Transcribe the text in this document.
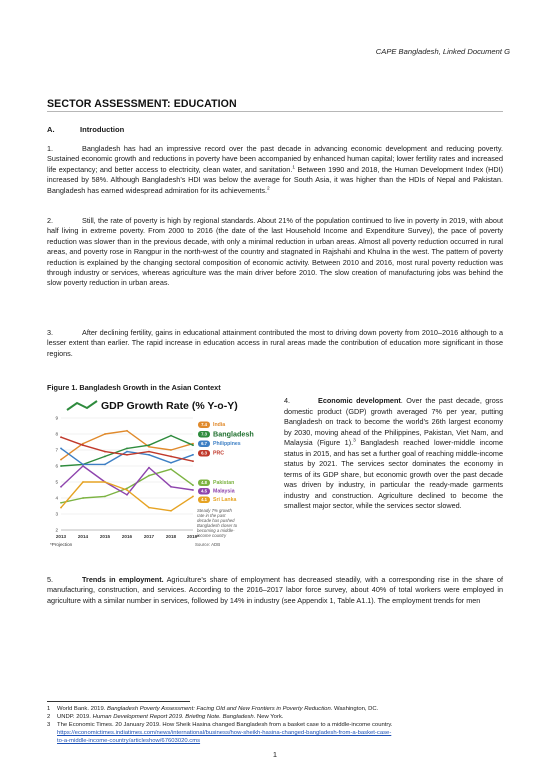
CAPE Bangladesh, Linked Document G
SECTOR ASSESSMENT: EDUCATION
A.	Introduction
1.	Bangladesh has had an impressive record over the past decade in advancing economic development and reducing poverty. Sustained economic growth and reductions in poverty have been accompanied by enhanced human capital; lower fertility rates and increased life expectancy; and better access to electricity, clean water, and sanitation.$^1$ Between 1990 and 2018, the Human Development Index (HDI) increased by 58%. Although Bangladesh’s HDI was below the average for South Asia, it was higher than the HDIs of Nepal and Pakistan. Bangladesh has earned widespread admiration for its achievements.$^2$
2.	Still, the rate of poverty is high by regional standards. About 21% of the population continued to live in poverty in 2019, with about half living in extreme poverty. From 2000 to 2016 (the date of the last Household Income and Expenditure Survey), the pace of poverty reduction was slower than in the previous decade, with only a minimal reduction in urban areas. Almost all poverty reduction occurred in rural areas, and poverty rose in Rangpur in the north-west of the country and stagnated in Rajshahi and Khulna in the west. The pattern of poverty reduction is explained by the changing sectoral composition of economic activity. Between 2010 and 2016, most rural poverty reduction was through industry or services, whereas agriculture was the main driver before 2010. The slow creation of manufacturing jobs was behind the slow poverty reduction in urban areas.
3.	After declining fertility, gains in educational attainment contributed the most to driving down poverty from 2010–2016 although to a lesser extent than earlier. The rapid increase in education access in rural areas made the contribution of education more significant in those regions.
Figure 1. Bangladesh Growth in the Asian Context
GDP Growth Rate (% Y-o-Y)
2
3
4
5
6
7
8
9
2013	2014	2015	2016	2017	2018 2019*
7.4 India
7.3 Bangladesh
6.7 Philippines
6.3 PRC
4.8 Pakistan
4.5 Malaysia
4.1 Sri Lanka
Steady 7% growth
rate in the past
decade has pushed
Bangladesh closer to
becoming a middle-
income country
*Projection	Source: ADB
4.	Economic development. Over the past decade, gross domestic product (GDP) growth averaged 7% per year, putting Bangladesh on track to become the world’s 26th largest economy by 2030, moving ahead of the Philippines, Pakistan, Viet Nam, and Malaysia (Figure 1).$^3$ Bangladesh reached lower-middle income status in 2015, and has set a further goal of reaching middle-income status by 2021. The services sector dominates the economy in terms of its GDP share, but economic growth over the past decade was driven by industry, in particular the ready-made garments industry and construction. Agriculture declined to become the smallest major sector, while the services sector slowed.
5.	Trends in employment. Agriculture’s share of employment has decreased steadily, with a corresponding rise in the share of manufacturing, construction, and services. According to the 2016–2017 labor force survey, about 40% of total workers were employed in agriculture with a similar number in services, followed by 14% in industry (see Appendix 1, Table A1.1). The employment trends for men
1 World Bank. 2019. Bangladesh Poverty Assessment: Facing Old and New Frontiers in Poverty Reduction. Washington, DC.
2 UNDP. 2019. Human Development Report 2019. Briefing Note. Bangladesh. New York.
3 The Economic Times. 20 January 2019. How Sheik Hasina changed Bangladesh from a basket case to a middle-income country.
https://economictimes.indiatimes.com/news/international/business/how-sheikh-hasina-changed-bangladesh-from-a-basket-case-
to-a-middle-income-country/articleshow/67603020.cms
1
